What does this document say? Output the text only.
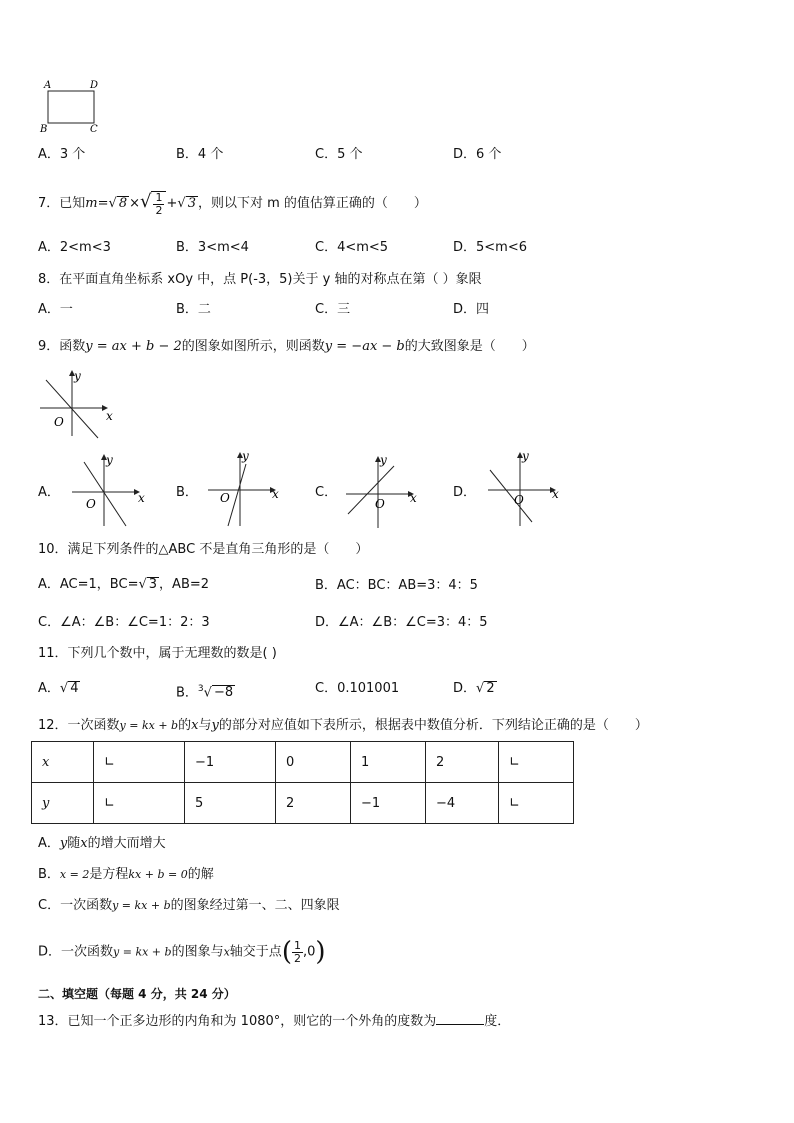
A	D
B	C
A．3 个	B．4 个	C．5 个	D．6 个
7．已知m=√ 8 ×√ $\frac{1}{2}$ +√ 3 ，则以下对 m 的值估算正确的（　　）
A．2<m<3	B．3<m<4	C．4<m<5	D．5<m<6
8．在平面直角坐标系 xOy 中，点 P(-3，5)关于 y 轴的对称点在第（ ）象限
A．一	B．二	C．三	D．四
9．函数y = ax + b − 2的图象如图所示，则函数y = −ax − b的大致图象是（　　）
x
y
O
A．	x
y
O
B．	x
y
O	C．	x
y
O
D．	x
y
O
10．满足下列条件的△ABC 不是直角三角形的是（　　）
A．AC=1，BC=√ 3 ，AB=2	B．AC：BC：AB=3：4：5
C．∠A：∠B：∠C=1：2：3	D．∠A：∠B：∠C=3：4：5
11．下列几个数中，属于无理数的数是( )
A．√ 4	B．$^3$√ −8	C．0.101001	D．√ 2
12．一次函数y = kx + b的x与y的部分对应值如下表所示，根据表中数值分析．下列结论正确的是（　　）
x	∟	−1	0	1	2	∟
y	∟	5	2	−1	−4	∟
A．y随x的增大而增大
B．x = 2是方程kx + b = 0的解
C．一次函数y = kx + b的图象经过第一、二、四象限
D．一次函数y = kx + b的图象与x轴交于点( $\frac{1}{2} ,0$)
二、填空题（每题 4 分，共 24 分）
13．已知一个正多边形的内角和为 1080°，则它的一个外角的度数为	度．
